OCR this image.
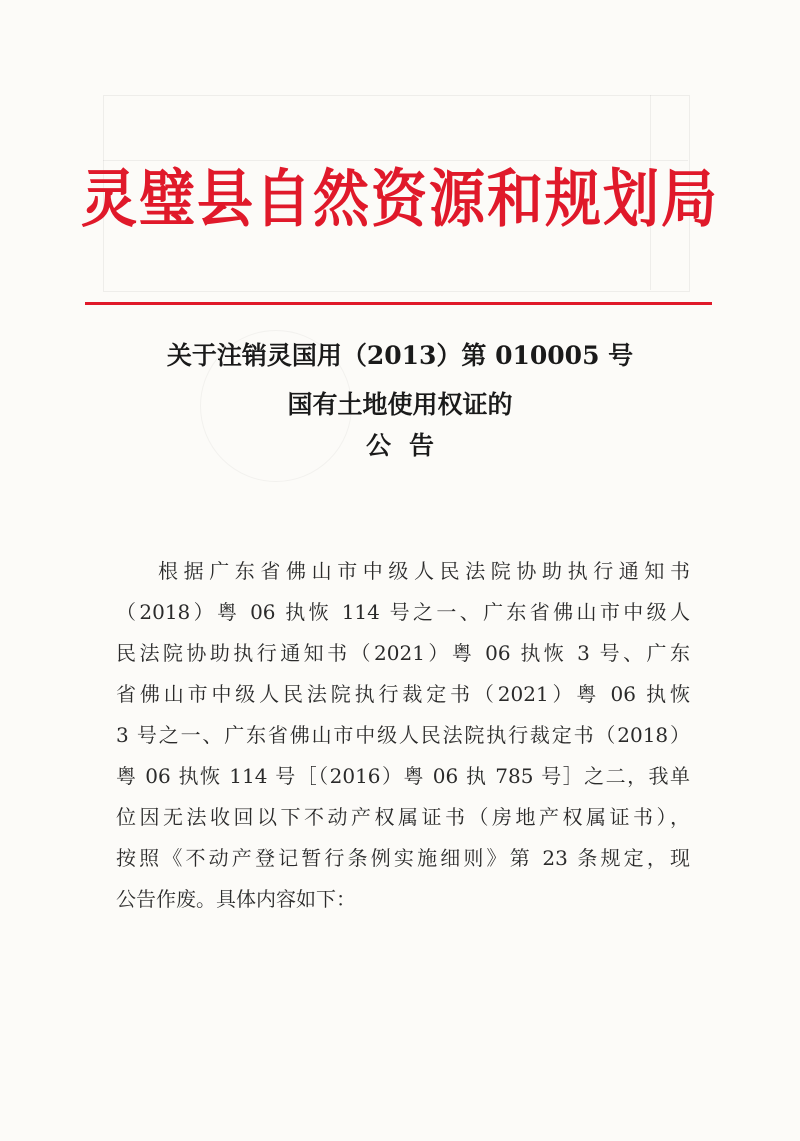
灵璧县自然资源和规划局
关于注销灵国用（2013）第 010005 号
国有土地使用权证的
公告
根据广东省佛山市中级人民法院协助执行通知书
（2018）粤 06 执恢 114 号之一、广东省佛山市中级人
民法院协助执行通知书（2021）粤 06 执恢 3 号、广东
省佛山市中级人民法院执行裁定书（2021）粤 06 执恢
3 号之一、广东省佛山市中级人民法院执行裁定书（2018）
粤 06 执恢 114 号［（2016）粤 06 执 785 号］之二，我单
位因无法收回以下不动产权属证书（房地产权属证书），
按照《不动产登记暂行条例实施细则》第 23 条规定，现
公告作废。具体内容如下：
